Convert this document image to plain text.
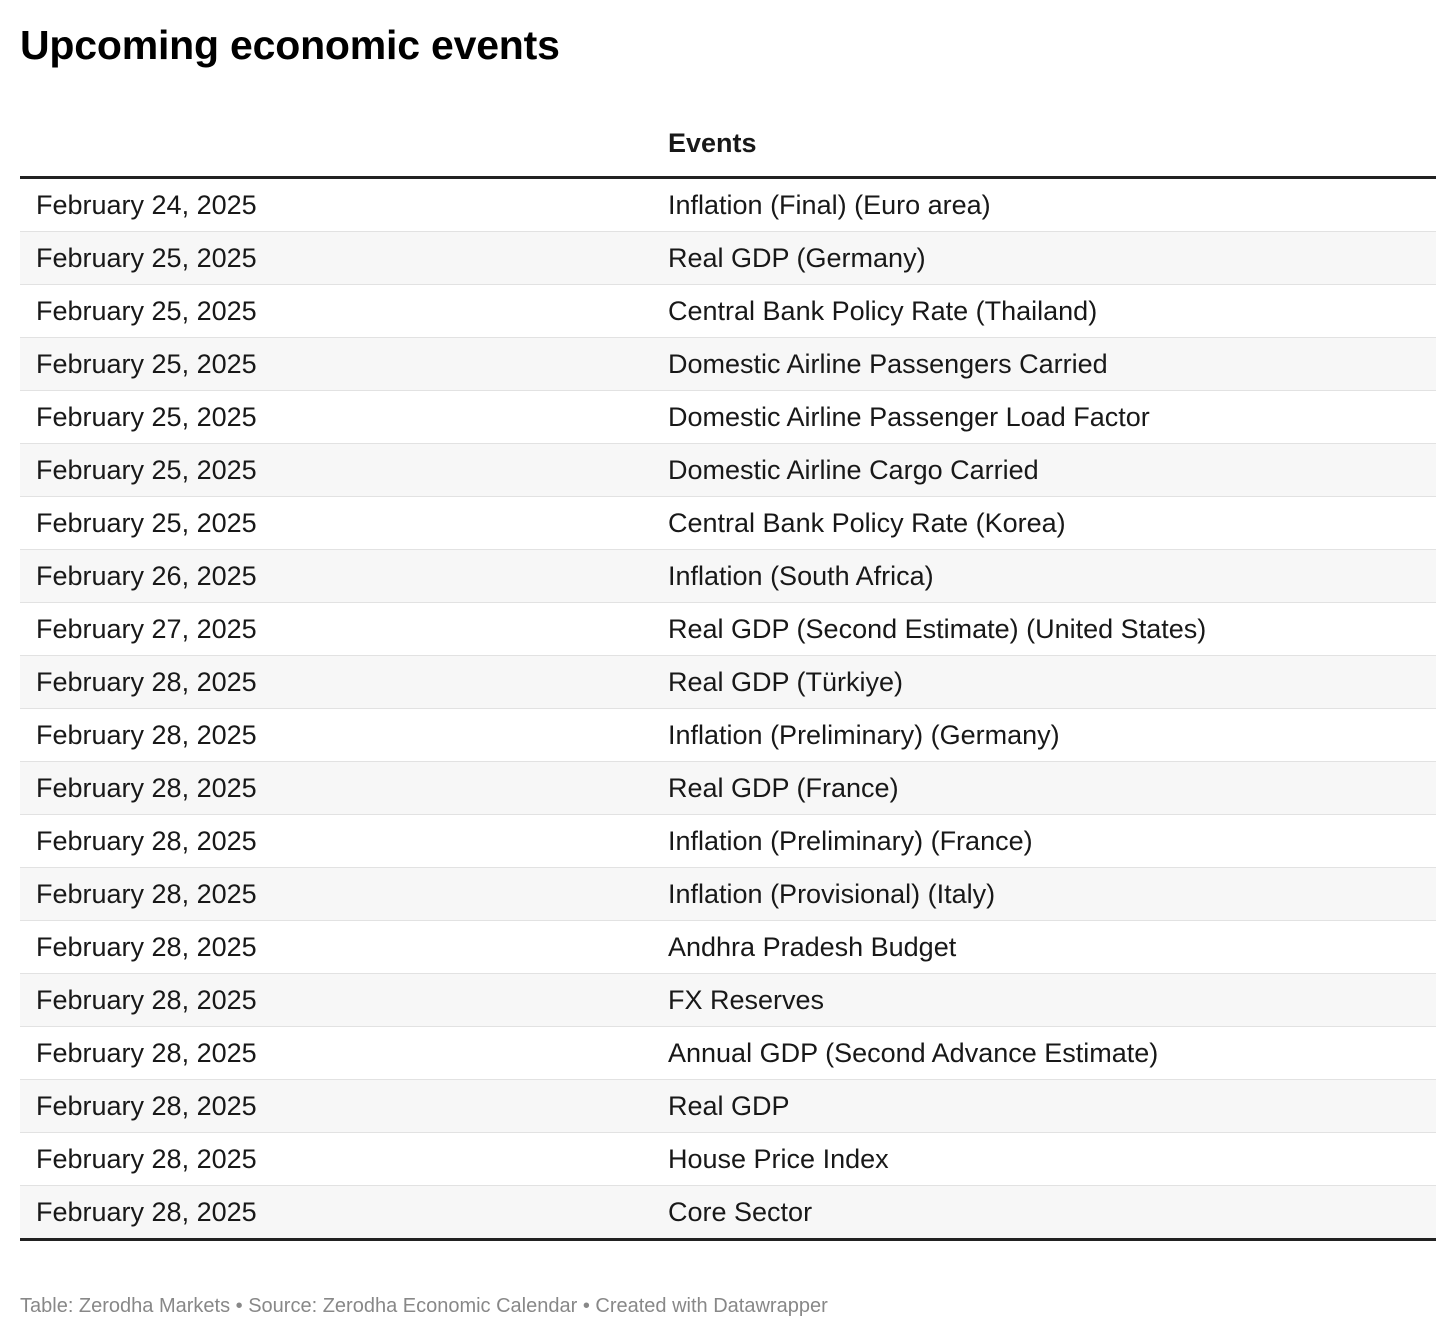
Upcoming economic events
	Events
February 24, 2025	Inflation (Final) (Euro area)
February 25, 2025	Real GDP (Germany)
February 25, 2025	Central Bank Policy Rate (Thailand)
February 25, 2025	Domestic Airline Passengers Carried
February 25, 2025	Domestic Airline Passenger Load Factor
February 25, 2025	Domestic Airline Cargo Carried
February 25, 2025	Central Bank Policy Rate (Korea)
February 26, 2025	Inflation (South Africa)
February 27, 2025	Real GDP (Second Estimate) (United States)
February 28, 2025	Real GDP (Türkiye)
February 28, 2025	Inflation (Preliminary) (Germany)
February 28, 2025	Real GDP (France)
February 28, 2025	Inflation (Preliminary) (France)
February 28, 2025	Inflation (Provisional) (Italy)
February 28, 2025	Andhra Pradesh Budget
February 28, 2025	FX Reserves
February 28, 2025	Annual GDP (Second Advance Estimate)
February 28, 2025	Real GDP
February 28, 2025	House Price Index
February 28, 2025	Core Sector
Table: Zerodha Markets • Source: Zerodha Economic Calendar • Created with Datawrapper
